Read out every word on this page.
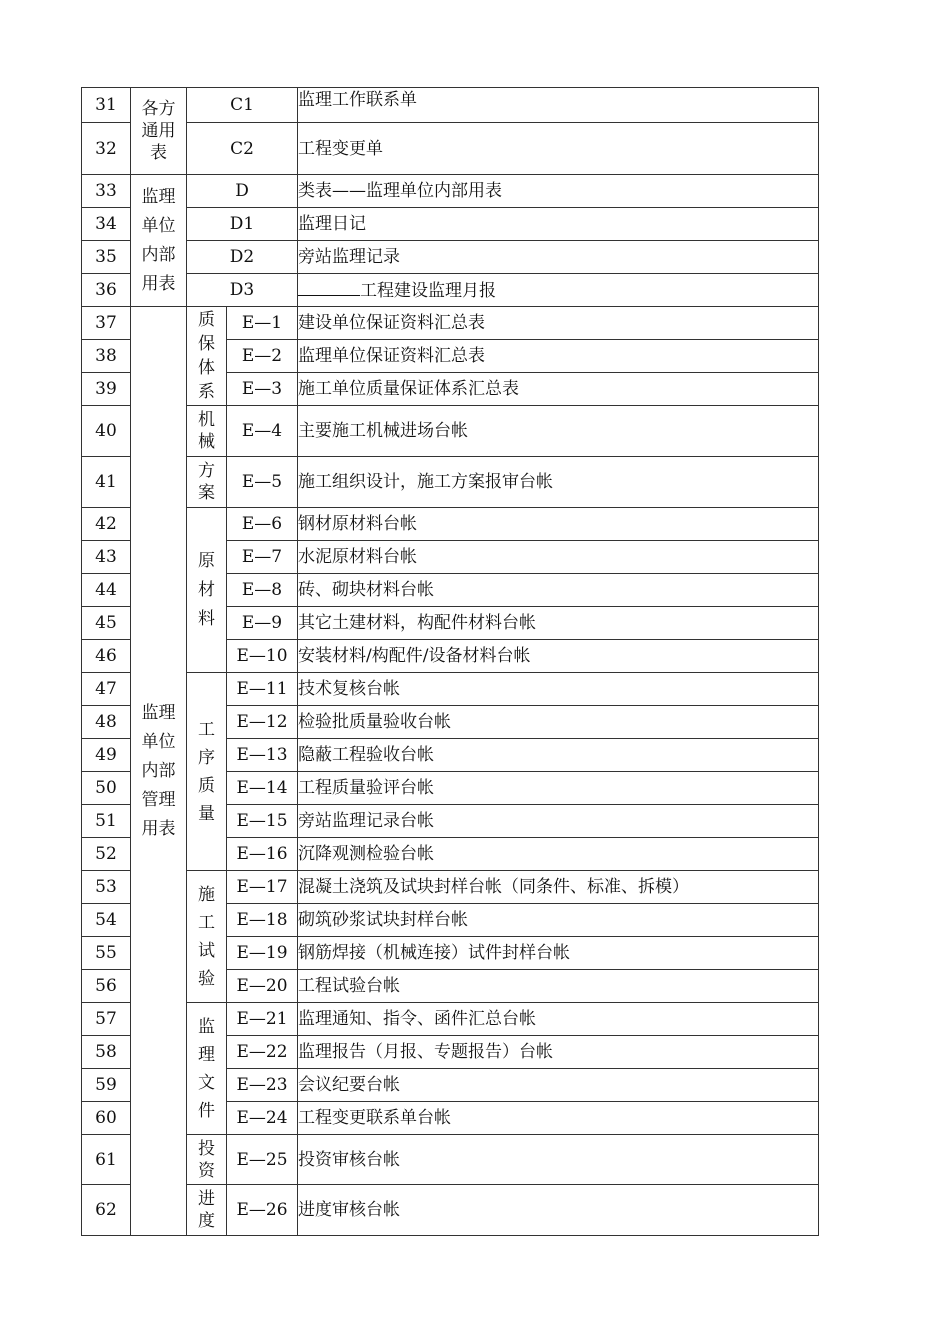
31	各方通用表	C1		监理工作联系单
32		C2		工程变更单
33	监理单位内部用表	D		类表——监理单位内部用表
34		D1		监理日记
35		D2		旁站监理记录
36		D3		工程建设监理月报
37	监理单位内部管理用表	质保体系	E—1	建设单位保证资料汇总表
38			E—2	监理单位保证资料汇总表
39			E—3	施工单位质量保证体系汇总表
40		机械	E—4	主要施工机械进场台帐
41		方案	E—5	施工组织设计，施工方案报审台帐
42		原材料	E—6	钢材原材料台帐
43			E—7	水泥原材料台帐
44			E—8	砖、砌块材料台帐
45			E—9	其它土建材料，构配件材料台帐
46			E—10	安装材料/构配件/设备材料台帐
47		工序质量	E—11	技术复核台帐
48			E—12	检验批质量验收台帐
49			E—13	隐蔽工程验收台帐
50			E—14	工程质量验评台帐
51			E—15	旁站监理记录台帐
52			E—16	沉降观测检验台帐
53		施工试验	E—17	混凝土浇筑及试块封样台帐（同条件、标准、拆模）
54			E—18	砌筑砂浆试块封样台帐
55			E—19	钢筋焊接（机械连接）试件封样台帐
56			E—20	工程试验台帐
57		监理文件	E—21	监理通知、指令、函件汇总台帐
58			E—22	监理报告（月报、专题报告）台帐
59			E—23	会议纪要台帐
60			E—24	工程变更联系单台帐
61		投资	E—25	投资审核台帐
62		进度	E—26	进度审核台帐
